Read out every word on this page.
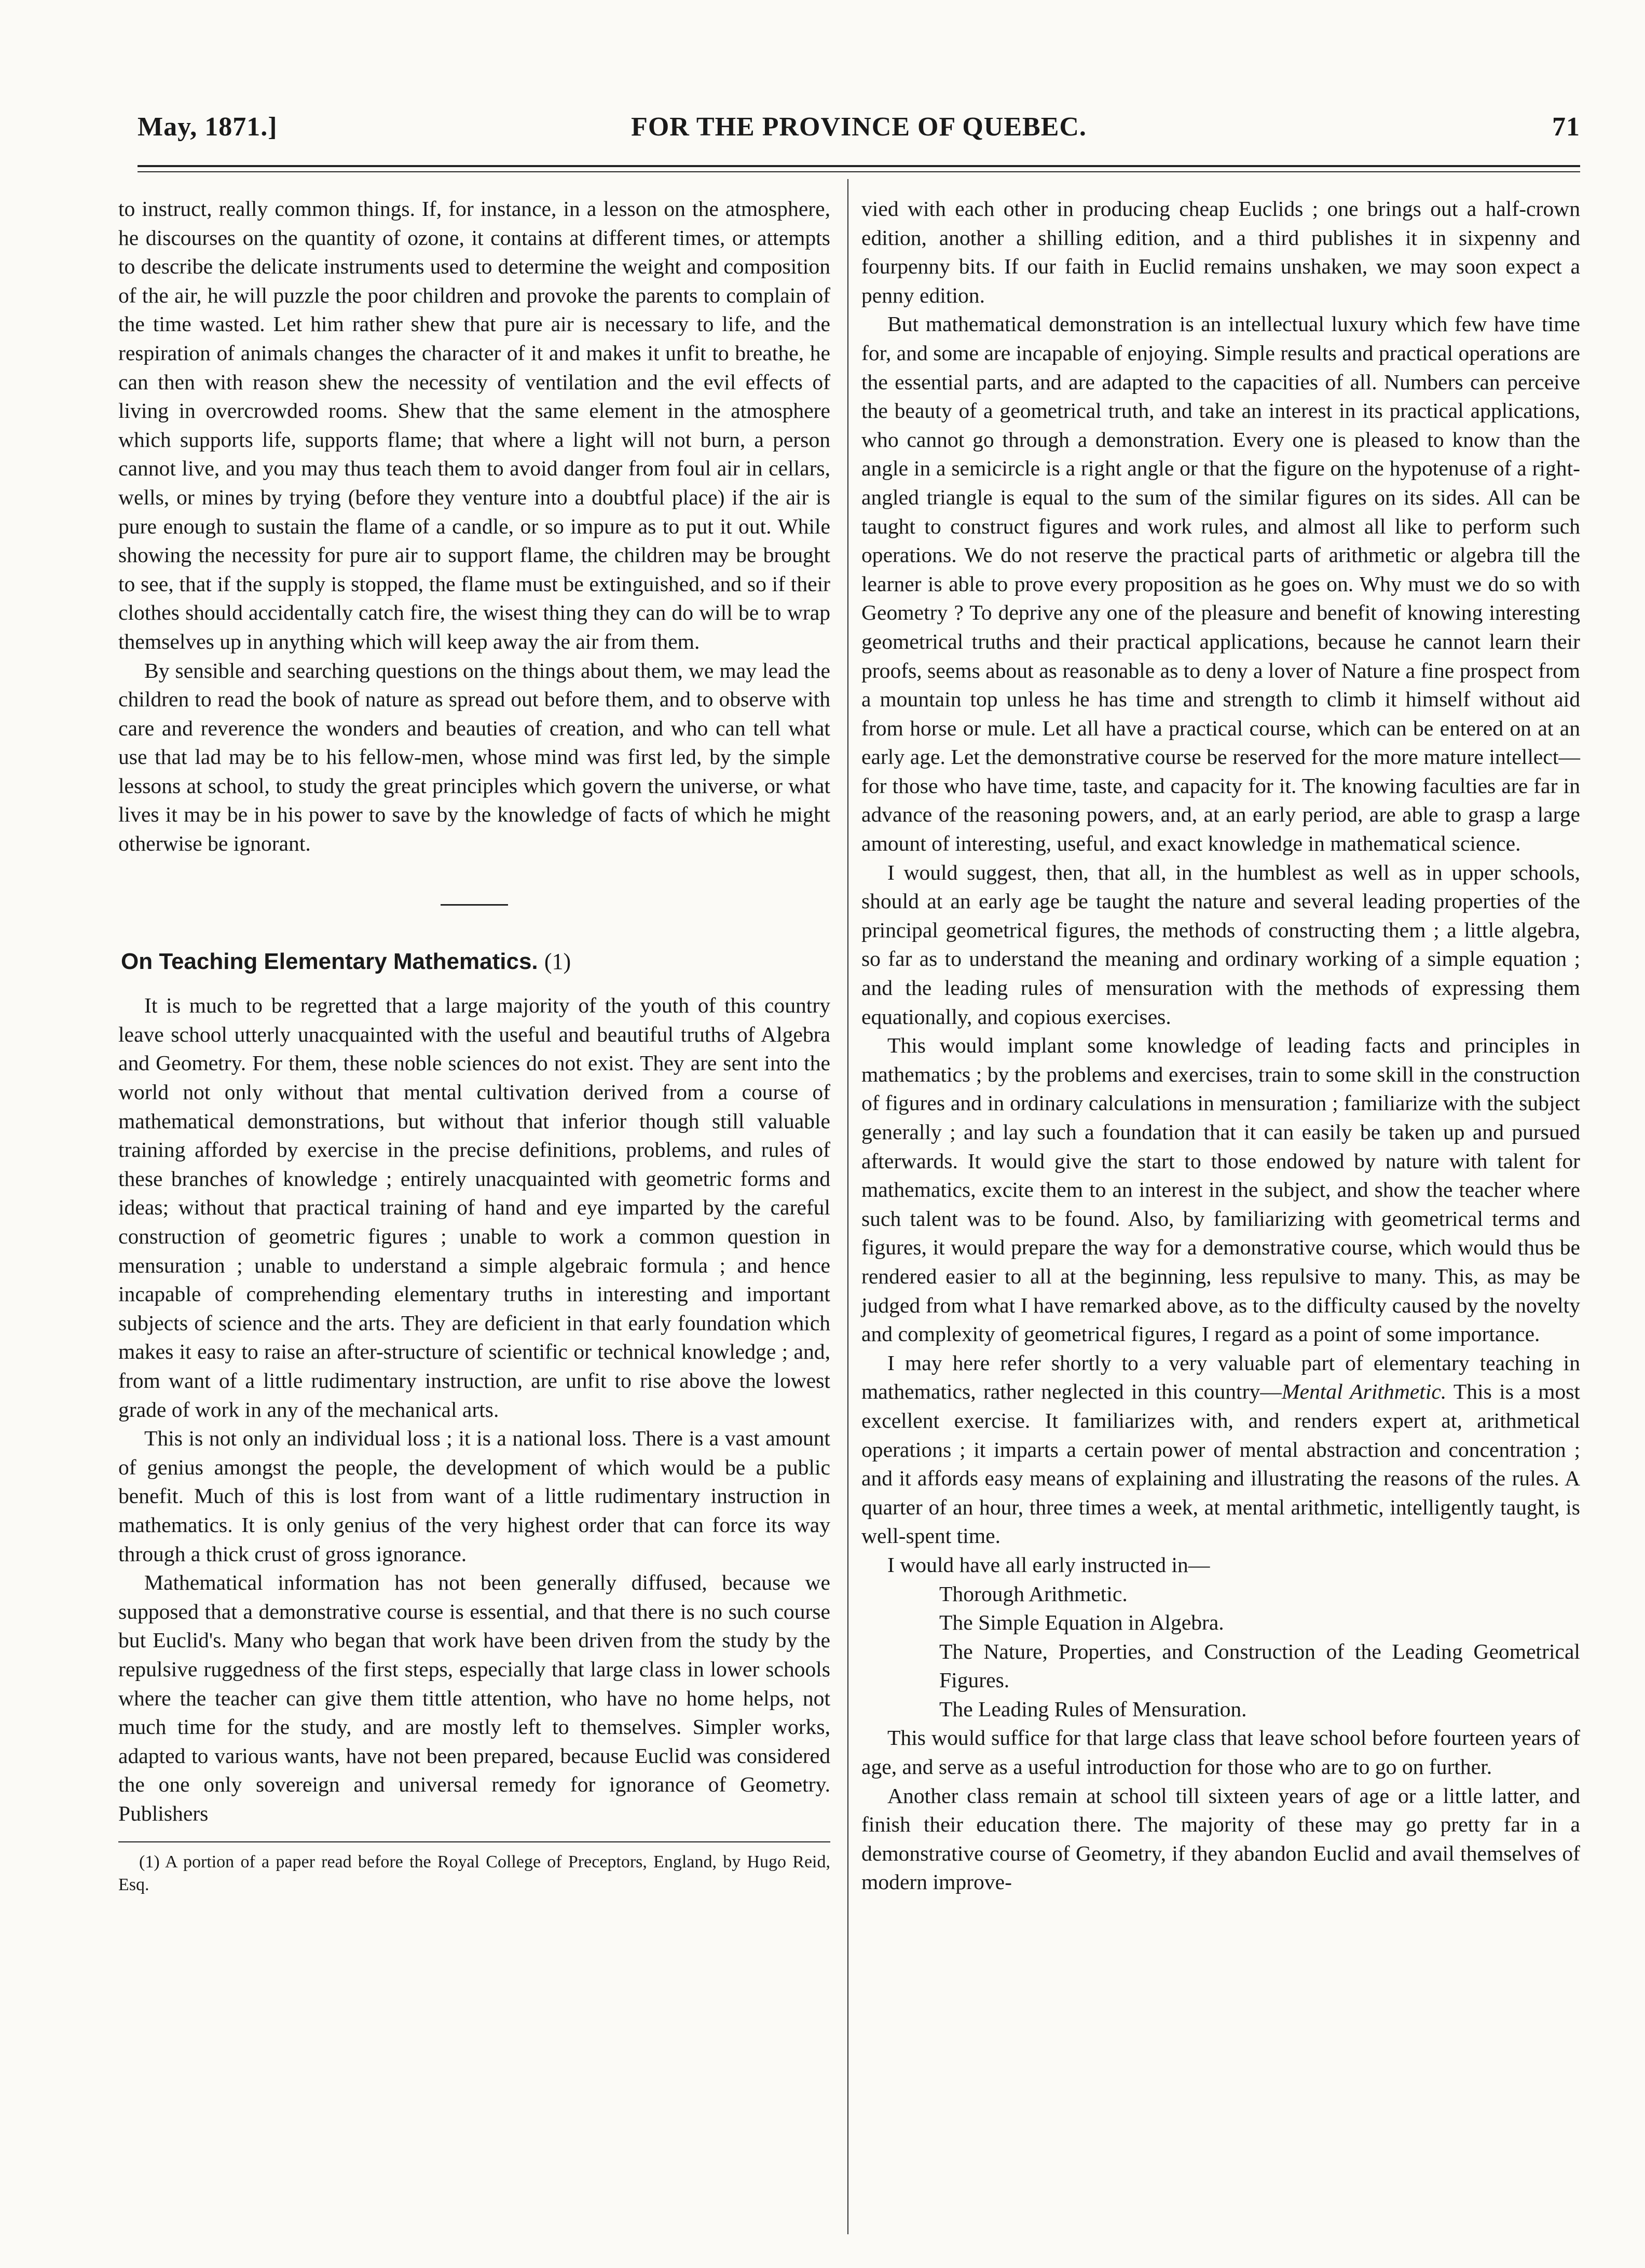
May, 1871.]	FOR THE PROVINCE OF QUEBEC.	71

to instruct, really common things. If, for instance, in a lesson on the atmosphere, he discourses on the quantity of ozone, it contains at different times, or attempts to describe the delicate instruments used to determine the weight and composition of the air, he will puzzle the poor children and provoke the parents to complain of the time wasted. Let him rather shew that pure air is necessary to life, and the respiration of animals changes the character of it and makes it unfit to breathe, he can then with reason shew the necessity of ventilation and the evil effects of living in overcrowded rooms. Shew that the same element in the atmosphere which supports life, supports flame; that where a light will not burn, a person cannot live, and you may thus teach them to avoid danger from foul air in cellars, wells, or mines by trying (before they venture into a doubtful place) if the air is pure enough to sustain the flame of a candle, or so impure as to put it out. While showing the necessity for pure air to support flame, the children may be brought to see, that if the supply is stopped, the flame must be extinguished, and so if their clothes should accidentally catch fire, the wisest thing they can do will be to wrap themselves up in anything which will keep away the air from them.

By sensible and searching questions on the things about them, we may lead the children to read the book of nature as spread out before them, and to observe with care and reverence the wonders and beauties of creation, and who can tell what use that lad may be to his fellow-men, whose mind was first led, by the simple lessons at school, to study the great principles which govern the universe, or what lives it may be in his power to save by the knowledge of facts of which he might otherwise be ignorant.

On Teaching Elementary Mathematics. (1)

It is much to be regretted that a large majority of the youth of this country leave school utterly unacquainted with the useful and beautiful truths of Algebra and Geometry. For them, these noble sciences do not exist. They are sent into the world not only without that mental cultivation derived from a course of mathematical demonstrations, but without that inferior though still valuable training afforded by exercise in the precise definitions, problems, and rules of these branches of knowledge ; entirely unacquainted with geometric forms and ideas; without that practical training of hand and eye imparted by the careful construction of geometric figures ; unable to work a common question in mensuration ; unable to understand a simple algebraic formula ; and hence incapable of comprehending elementary truths in interesting and important subjects of science and the arts. They are deficient in that early foundation which makes it easy to raise an after-structure of scientific or technical knowledge ; and, from want of a little rudimentary instruction, are unfit to rise above the lowest grade of work in any of the mechanical arts.

This is not only an individual loss ; it is a national loss. There is a vast amount of genius amongst the people, the development of which would be a public benefit. Much of this is lost from want of a little rudimentary instruction in mathematics. It is only genius of the very highest order that can force its way through a thick crust of gross ignorance.

Mathematical information has not been generally diffused, because we supposed that a demonstrative course is essential, and that there is no such course but Euclid's. Many who began that work have been driven from the study by the repulsive ruggedness of the first steps, especially that large class in lower schools where the teacher can give them tittle attention, who have no home helps, not much time for the study, and are mostly left to themselves. Simpler works, adapted to various wants, have not been prepared, because Euclid was considered the one only sovereign and universal remedy for ignorance of Geometry. Publishers

(1) A portion of a paper read before the Royal College of Preceptors, England, by Hugo Reid, Esq.

vied with each other in producing cheap Euclids ; one brings out a half-crown edition, another a shilling edition, and a third publishes it in sixpenny and fourpenny bits. If our faith in Euclid remains unshaken, we may soon expect a penny edition.

But mathematical demonstration is an intellectual luxury which few have time for, and some are incapable of enjoying. Simple results and practical operations are the essential parts, and are adapted to the capacities of all. Numbers can perceive the beauty of a geometrical truth, and take an interest in its practical applications, who cannot go through a demonstration. Every one is pleased to know than the angle in a semicircle is a right angle or that the figure on the hypotenuse of a right-angled triangle is equal to the sum of the similar figures on its sides. All can be taught to construct figures and work rules, and almost all like to perform such operations. We do not reserve the practical parts of arithmetic or algebra till the learner is able to prove every proposition as he goes on. Why must we do so with Geometry ? To deprive any one of the pleasure and benefit of knowing interesting geometrical truths and their practical applications, because he cannot learn their proofs, seems about as reasonable as to deny a lover of Nature a fine prospect from a mountain top unless he has time and strength to climb it himself without aid from horse or mule. Let all have a practical course, which can be entered on at an early age. Let the demonstrative course be reserved for the more mature intellect—for those who have time, taste, and capacity for it. The knowing faculties are far in advance of the reasoning powers, and, at an early period, are able to grasp a large amount of interesting, useful, and exact knowledge in mathematical science.

I would suggest, then, that all, in the humblest as well as in upper schools, should at an early age be taught the nature and several leading properties of the principal geometrical figures, the methods of constructing them ; a little algebra, so far as to understand the meaning and ordinary working of a simple equation ; and the leading rules of mensuration with the methods of expressing them equationally, and copious exercises.

This would implant some knowledge of leading facts and principles in mathematics ; by the problems and exercises, train to some skill in the construction of figures and in ordinary calculations in mensuration ; familiarize with the subject generally ; and lay such a foundation that it can easily be taken up and pursued afterwards. It would give the start to those endowed by nature with talent for mathematics, excite them to an interest in the subject, and show the teacher where such talent was to be found. Also, by familiarizing with geometrical terms and figures, it would prepare the way for a demonstrative course, which would thus be rendered easier to all at the beginning, less repulsive to many. This, as may be judged from what I have remarked above, as to the difficulty caused by the novelty and complexity of geometrical figures, I regard as a point of some importance.

I may here refer shortly to a very valuable part of elementary teaching in mathematics, rather neglected in this country—Mental Arithmetic. This is a most excellent exercise. It familiarizes with, and renders expert at, arithmetical operations ; it imparts a certain power of mental abstraction and concentration ; and it affords easy means of explaining and illustrating the reasons of the rules. A quarter of an hour, three times a week, at mental arithmetic, intelligently taught, is well-spent time.

I would have all early instructed in—

Thorough Arithmetic.
The Simple Equation in Algebra.
The Nature, Properties, and Construction of the Leading Geometrical Figures.
The Leading Rules of Mensuration.

This would suffice for that large class that leave school before fourteen years of age, and serve as a useful introduction for those who are to go on further.

Another class remain at school till sixteen years of age or a little latter, and finish their education there. The majority of these may go pretty far in a demonstrative course of Geometry, if they abandon Euclid and avail themselves of modern improve-
